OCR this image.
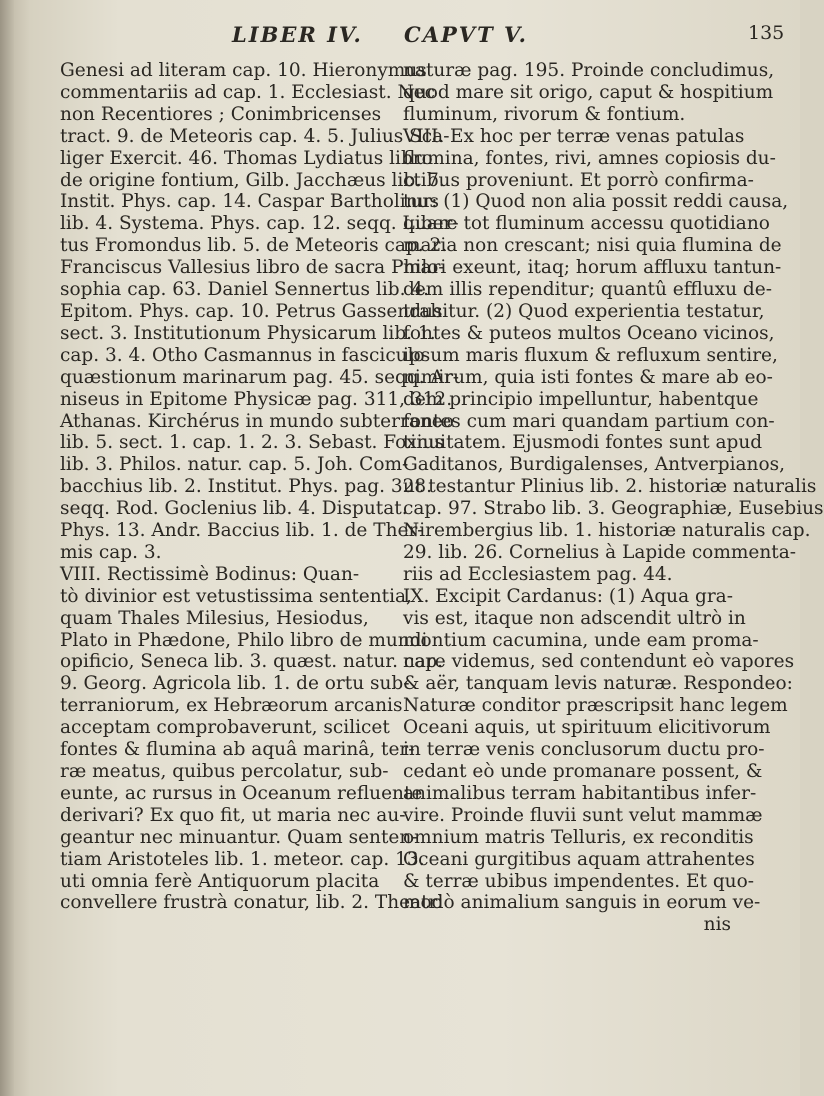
LIBER IV. CAPVT V.	135
Genesi ad literam cap. 10. Hieronymus
commentariis ad cap. 1. Ecclesiast. Nec
non Recentiores ; Conimbricenses
tract. 9. de Meteoris cap. 4. 5. Julius Sca-
liger Exercit. 46. Thomas Lydiatus libro
de origine fontium, Gilb. Jacchæus lib. 7.
Instit. Phys. cap. 14. Caspar Bartholinus
lib. 4. Systema. Phys. cap. 12. seqq. Liber-
tus Fromondus lib. 5. de Meteoris cap. 2.
Franciscus Vallesius libro de sacra Philo-
sophia cap. 63. Daniel Sennertus lib. 4.
Epitom. Phys. cap. 10. Petrus Gassendus
sect. 3. Institutionum Physicarum lib. 1.
cap. 3. 4. Otho Casmannus in fasciculo
quæstionum marinarum pag. 45. seqq. Ar-
niseus in Epitome Physicæ pag. 311, 312.
Athanas. Kirchérus in mundo subterraneo
lib. 5. sect. 1. cap. 1. 2. 3. Sebast. Foxius
lib. 3. Philos. natur. cap. 5. Joh. Com-
bacchius lib. 2. Institut. Phys. pag. 328.
seqq. Rod. Goclenius lib. 4. Disputat.
Phys. 13. Andr. Baccius lib. 1. de Ther-
mis cap. 3.
VIII. Rectissimè Bodinus: Quan-
tò divinior est vetustissima sententia,
quam Thales Milesius, Hesiodus,
Plato in Phædone, Philo libro de mundi
opificio, Seneca lib. 3. quæst. natur. cap.
9. Georg. Agricola lib. 1. de ortu sub-
terraniorum, ex Hebræorum arcanis
acceptam comprobaverunt, scilicet
fontes & flumina ab aquâ marinâ, ter-
ræ meatus, quibus percolatur, sub-
eunte, ac rursus in Oceanum refluente
derivari? Ex quo fit, ut maria nec au-
geantur nec minuantur. Quam senten-
tiam Aristoteles lib. 1. meteor. cap. 13.
uti omnia ferè Antiquorum placita
convellere frustrà conatur, lib. 2. Theatri
naturæ pag. 195. Proinde concludimus,
quod mare sit origo, caput & hospitium
fluminum, rivorum & fontium.
VIII. Ex hoc per terræ venas patulas
flumina, fontes, rivi, amnes copiosis du-
ctibus proveniunt. Et porrò confirma-
tur: (1) Quod non alia possit reddi causa,
quare tot fluminum accessu quotidiano
maria non crescant; nisi quia flumina de
mari exeunt, itaq; horum affluxu tantun-
dem illis rependitur; quantû effluxu de-
trahitur. (2) Quod experientia testatur,
fontes & puteos multos Oceano vicinos,
ipsum maris fluxum & refluxum sentire,
nimirum, quia isti fontes & mare ab eo-
dem principio impelluntur, habentque
fontes cum mari quandam partium con-
tinuitatem. Ejusmodi fontes sunt apud
Gaditanos, Burdigalenses, Antverpianos,
ut testantur Plinius lib. 2. historiæ naturalis
cap. 97. Strabo lib. 3. Geographiæ, Eusebius
Nirembergius lib. 1. historiæ naturalis cap.
29. lib. 26. Cornelius à Lapide commenta-
riis ad Ecclesiastem pag. 44.
IX. Excipit Cardanus: (1) Aqua gra-
vis est, itaque non adscendit ultrò in
montium cacumina, unde eam proma-
nare videmus, sed contendunt eò vapores
& aër, tanquam levis naturæ. Respondeo:
Naturæ conditor præscripsit hanc legem
Oceani aquis, ut spirituum elicitivorum
in terræ venis conclusorum ductu pro-
cedant eò unde promanare possent, &
animalibus terram habitantibus infer-
vire. Proinde fluvii sunt velut mammæ
omnium matris Telluris, ex reconditis
Oceani gurgitibus aquam attrahentes
& terræ ubibus impendentes. Et quo-
modò animalium sanguis in eorum ve-
nis
